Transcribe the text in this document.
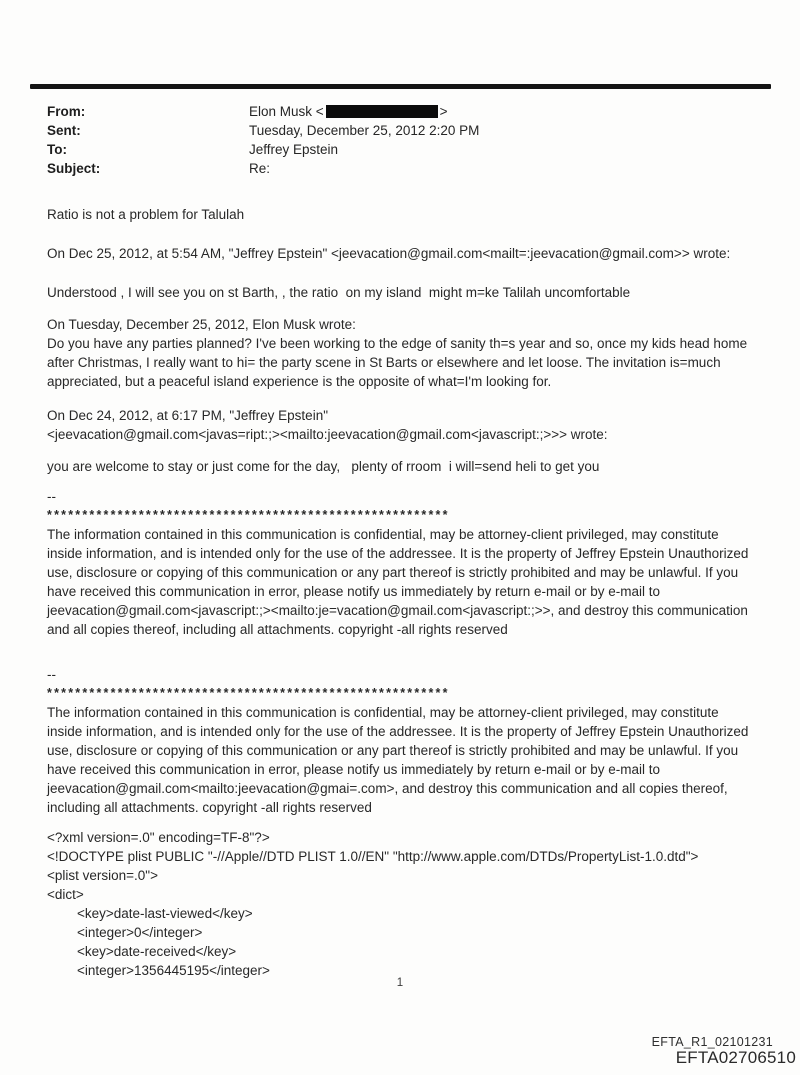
From:	Elon Musk <	>
Sent:	Tuesday, December 25, 2012 2:20 PM
To:	Jeffrey Epstein
Subject:	Re:
Ratio is not a problem for Talulah
On Dec 25, 2012, at 5:54 AM, "Jeffrey Epstein" <jeevacation@gmail.com<mailt=:jeevacation@gmail.com>> wrote:
Understood , I will see you on st Barth, , the ratio  on my island  might m=ke Talilah uncomfortable
On Tuesday, December 25, 2012, Elon Musk wrote:
Do you have any parties planned? I've been working to the edge of sanity th=s year and so, once my kids head home
after Christmas, I really want to hi= the party scene in St Barts or elsewhere and let loose. The invitation is=much
appreciated, but a peaceful island experience is the opposite of what=I'm looking for.
On Dec 24, 2012, at 6:17 PM, "Jeffrey Epstein"
<jeevacation@gmail.com<javas=ript:;><mailto:jeevacation@gmail.com<javascript:;>>> wrote:
you are welcome to stay or just come for the day,   plenty of rroom  i will=send heli to get you
--
*********************************************************
The information contained in this communication is confidential, may be attorney-client privileged, may constitute
inside information, and is intended only for the use of the addressee. It is the property of Jeffrey Epstein Unauthorized
use, disclosure or copying of this communication or any part thereof is strictly prohibited and may be unlawful. If you
have received this communication in error, please notify us immediately by return e-mail or by e-mail to
jeevacation@gmail.com<javascript:;><mailto:je=vacation@gmail.com<javascript:;>>, and destroy this communication
and all copies thereof, including all attachments. copyright -all rights reserved
--
*********************************************************
The information contained in this communication is confidential, may be attorney-client privileged, may constitute
inside information, and is intended only for the use of the addressee. It is the property of Jeffrey Epstein Unauthorized
use, disclosure or copying of this communication or any part thereof is strictly prohibited and may be unlawful. If you
have received this communication in error, please notify us immediately by return e-mail or by e-mail to
jeevacation@gmail.com<mailto:jeevacation@gmai=.com>, and destroy this communication and all copies thereof,
including all attachments. copyright -all rights reserved
<?xml version=.0" encoding=TF-8"?>
<!DOCTYPE plist PUBLIC "-//Apple//DTD PLIST 1.0//EN" "http://www.apple.com/DTDs/PropertyList-1.0.dtd">
<plist version=.0">
<dict>
<key>date-last-viewed</key>
<integer>0</integer>
<key>date-received</key>
<integer>1356445195</integer>
1
EFTA_R1_02101231
EFTA02706510
